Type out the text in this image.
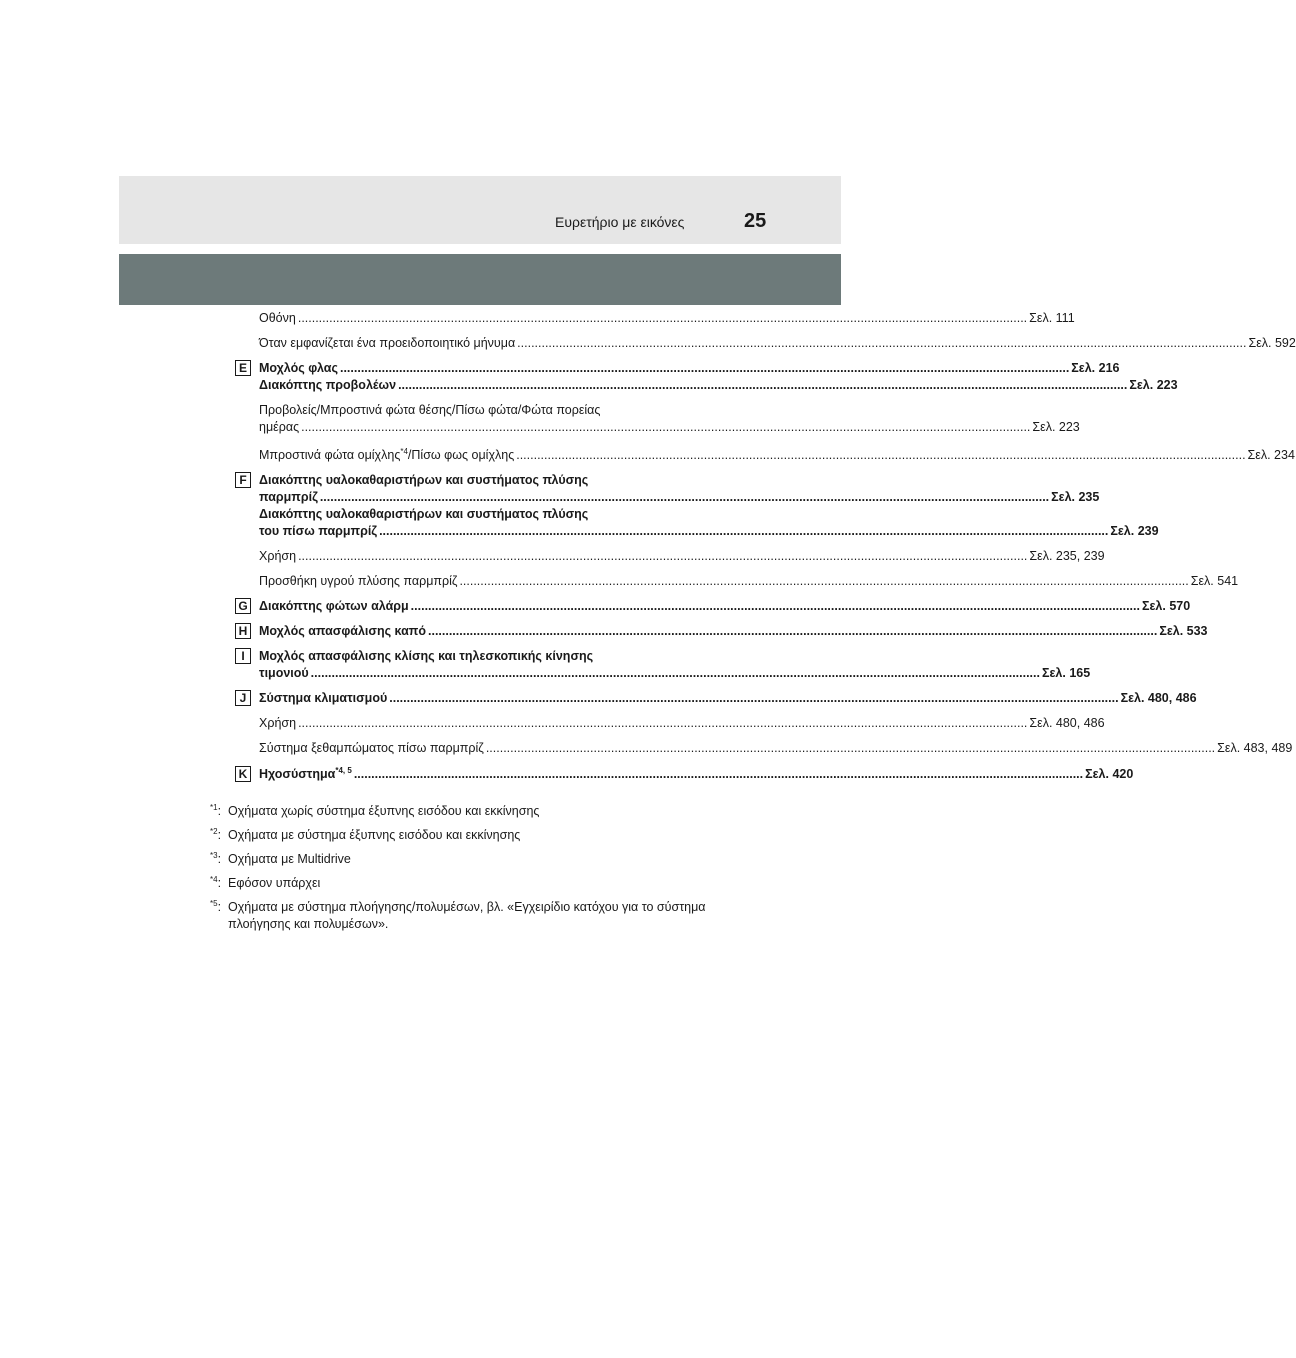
Ευρετήριο με εικόνες	25
Οθόνη .................................................................................................................................................................................................................. Σελ. 111
Όταν εμφανίζεται ένα προειδοποιητικό μήνυμα .................................................................................................................................................................................................................. Σελ. 592
E Μοχλός φλας .................................................................................................................................................................................................................. Σελ. 216
Διακόπτης προβολέων .................................................................................................................................................................................................................. Σελ. 223
Προβολείς/Μπροστινά φώτα θέσης/Πίσω φώτα/Φώτα πορείας
ημέρας .................................................................................................................................................................................................................. Σελ. 223
Μπροστινά φώτα ομίχλης$^{*4}$/Πίσω φως ομίχλης .................................................................................................................................................................................................................. Σελ. 234
F Διακόπτης υαλοκαθαριστήρων και συστήματος πλύσης
παρμπρίζ .................................................................................................................................................................................................................. Σελ. 235
Διακόπτης υαλοκαθαριστήρων και συστήματος πλύσης
του πίσω παρμπρίζ .................................................................................................................................................................................................................. Σελ. 239
Χρήση .................................................................................................................................................................................................................. Σελ. 235, 239
Προσθήκη υγρού πλύσης παρμπρίζ .................................................................................................................................................................................................................. Σελ. 541
G Διακόπτης φώτων αλάρμ .................................................................................................................................................................................................................. Σελ. 570
H Μοχλός απασφάλισης καπό .................................................................................................................................................................................................................. Σελ. 533
I	Μοχλός απασφάλισης κλίσης και τηλεσκοπικής κίνησης
τιμονιού .................................................................................................................................................................................................................. Σελ. 165
J	Σύστημα κλιματισμού .................................................................................................................................................................................................................. Σελ. 480, 486
Χρήση .................................................................................................................................................................................................................. Σελ. 480, 486
Σύστημα ξεθαμπώματος πίσω παρμπρίζ .................................................................................................................................................................................................................. Σελ. 483, 489
K Ηχοσύστημα$^{*4, 5}$ .................................................................................................................................................................................................................. Σελ. 420
$^{*1}$: Οχήματα χωρίς σύστημα έξυπνης εισόδου και εκκίνησης
$^{*2}$: Οχήματα με σύστημα έξυπνης εισόδου και εκκίνησης
$^{*3}$: Οχήματα με Multidrive
$^{*4}$: Εφόσον υπάρχει
$^{*5}$: Οχήματα με σύστημα πλοήγησης/πολυμέσων, βλ. «Εγχειρίδιο κατόχου για το σύστημα πλοήγησης και πολυμέσων».
